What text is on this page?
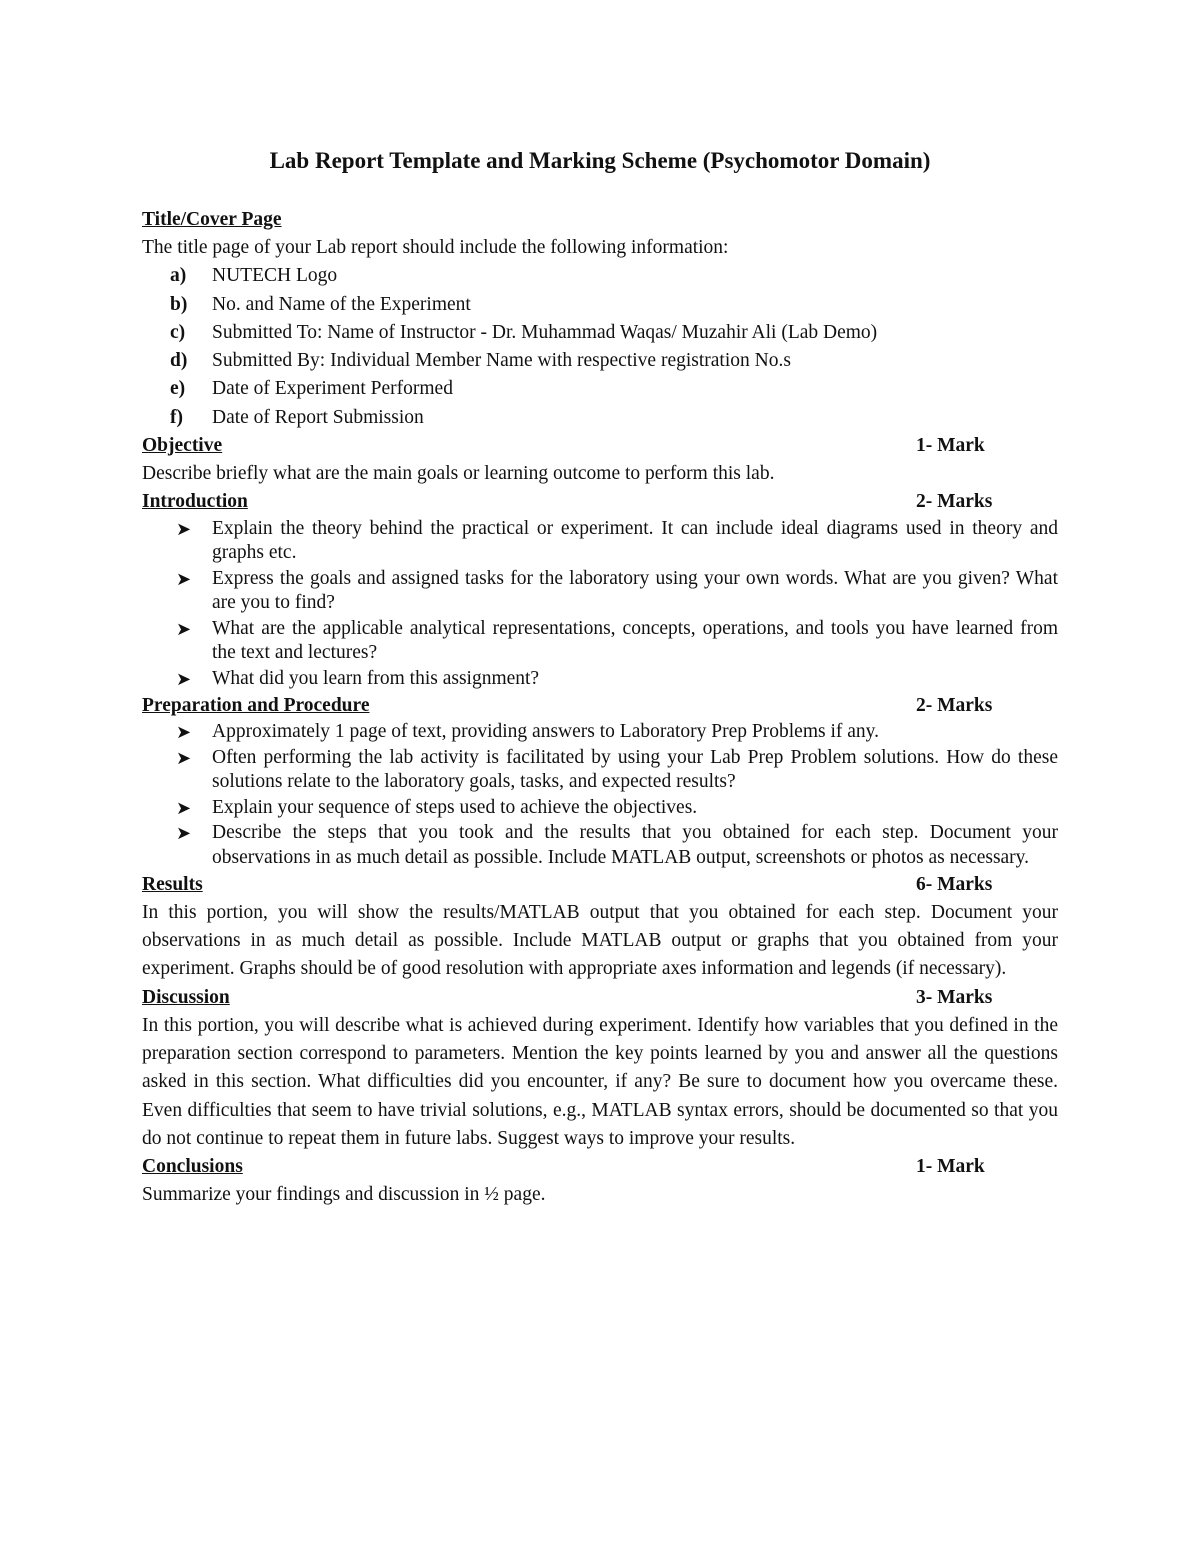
Lab Report Template and Marking Scheme (Psychomotor Domain)
Title/Cover Page
The title page of your Lab report should include the following information:
a)	NUTECH Logo
b)	No. and Name of the Experiment
c)	Submitted To: Name of Instructor - Dr. Muhammad Waqas/ Muzahir Ali (Lab Demo)
d)	Submitted By: Individual Member Name with respective registration No.s
e)	Date of Experiment Performed
f)	Date of Report Submission
Objective	1- Mark
Describe briefly what are the main goals or learning outcome to perform this lab.
Introduction	2- Marks
➤	Explain the theory behind the practical or experiment. It can include ideal diagrams used in theory and graphs etc.
➤	Express the goals and assigned tasks for the laboratory using your own words. What are you given? What are you to find?
➤	What are the applicable analytical representations, concepts, operations, and tools you have learned from the text and lectures?
➤	What did you learn from this assignment?
Preparation and Procedure	2- Marks
➤	Approximately 1 page of text, providing answers to Laboratory Prep Problems if any.
➤	Often performing the lab activity is facilitated by using your Lab Prep Problem solutions. How do these solutions relate to the laboratory goals, tasks, and expected results?
➤	Explain your sequence of steps used to achieve the objectives.
➤	Describe the steps that you took and the results that you obtained for each step. Document your observations in as much detail as possible. Include MATLAB output, screenshots or photos as necessary.
Results	6- Marks
In this portion, you will show the results/MATLAB output that you obtained for each step. Document your observations in as much detail as possible. Include MATLAB output or graphs that you obtained from your experiment. Graphs should be of good resolution with appropriate axes information and legends (if necessary).
Discussion	3- Marks
In this portion, you will describe what is achieved during experiment. Identify how variables that you defined in the preparation section correspond to parameters. Mention the key points learned by you and answer all the questions asked in this section. What difficulties did you encounter, if any? Be sure to document how you overcame these. Even difficulties that seem to have trivial solutions, e.g., MATLAB syntax errors, should be documented so that you do not continue to repeat them in future labs. Suggest ways to improve your results.
Conclusions	1- Mark
Summarize your findings and discussion in ½ page.
